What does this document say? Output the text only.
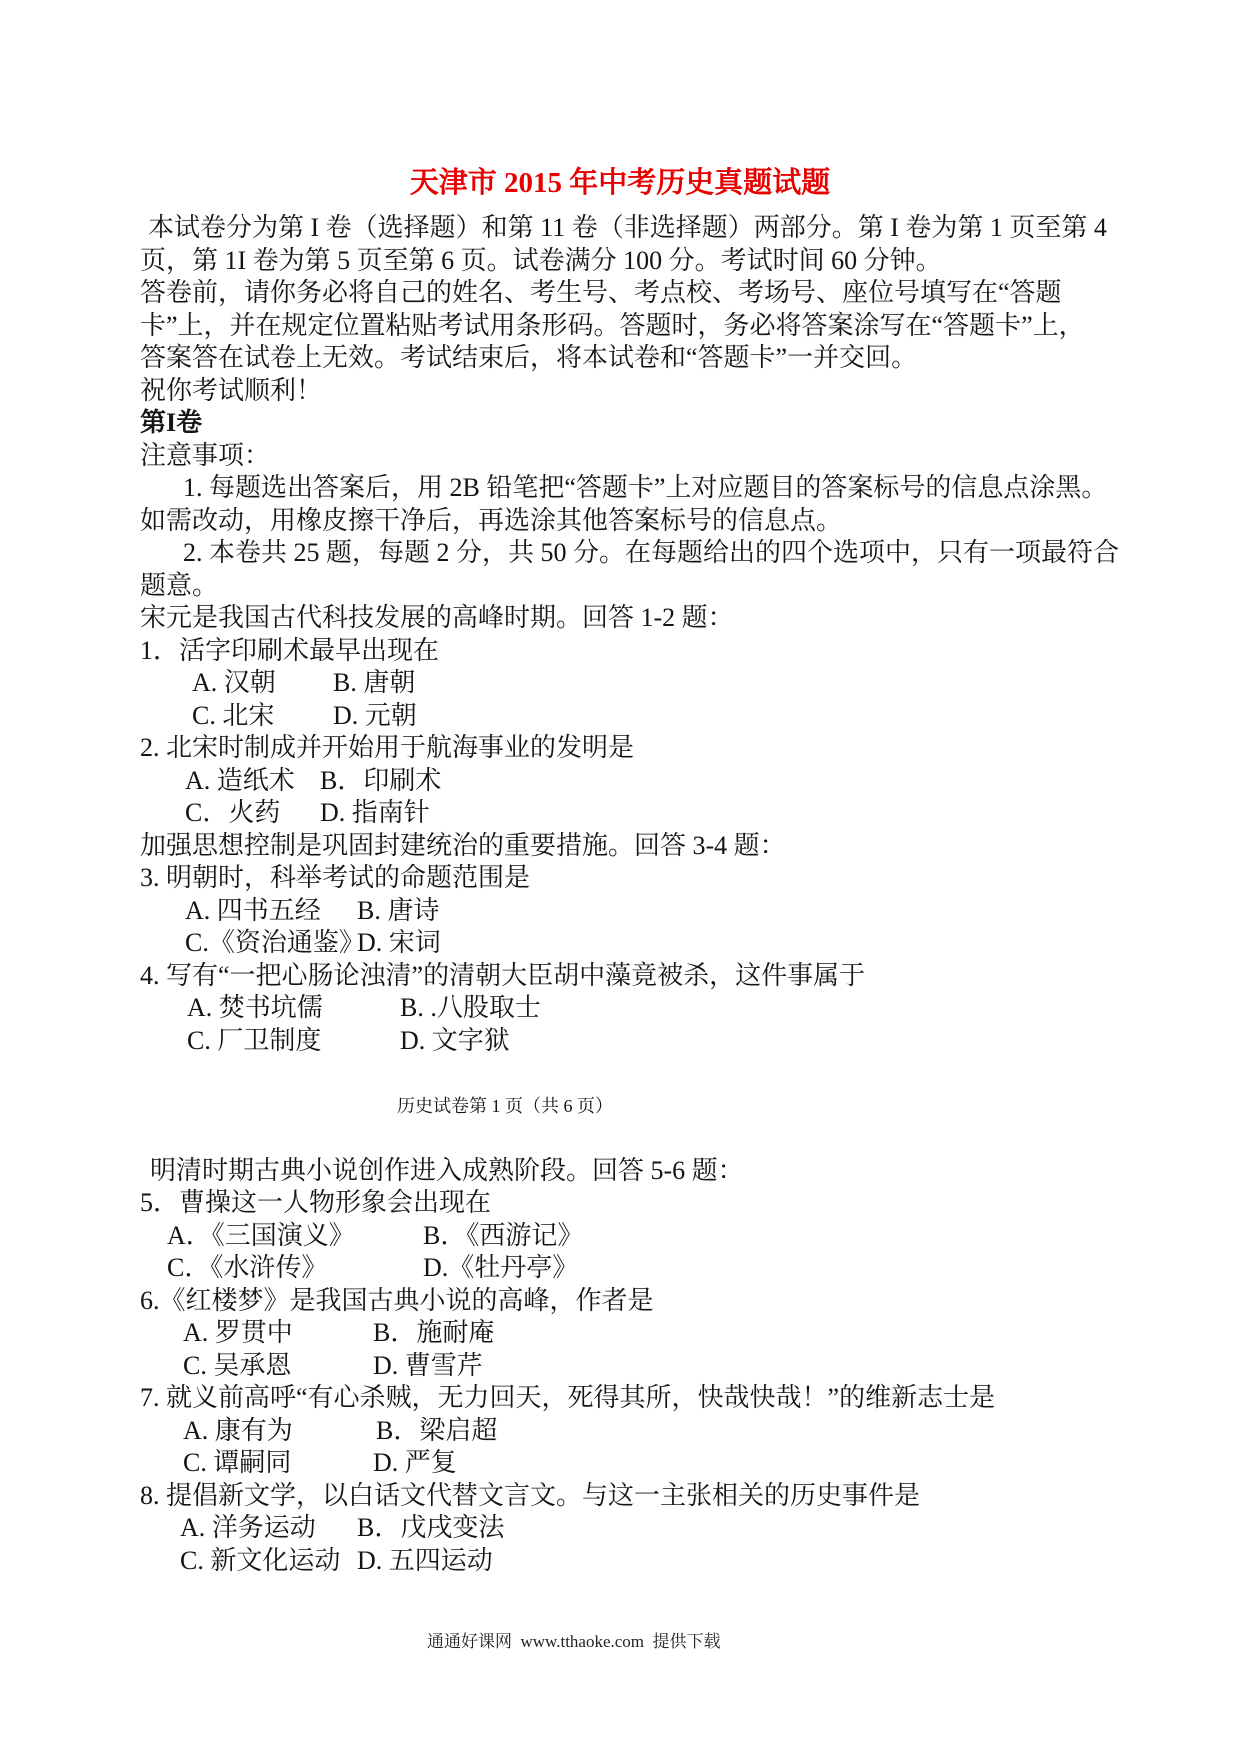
天津市 2015 年中考历史真题试题
本试卷分为第 I 卷（选择题）和第 11 卷（非选择题）两部分。第 I 卷为第 1 页至第 4
页，第 1I 卷为第 5 页至第 6 页。试卷满分 100 分。考试时间 60 分钟。
答卷前，请你务必将自己的姓名、考生号、考点校、考场号、座位号填写在“答题
卡”上，并在规定位置粘贴考试用条形码。答题时，务必将答案涂写在“答题卡”上，
答案答在试卷上无效。考试结束后，将本试卷和“答题卡”一并交回。
祝你考试顺利！
第I卷
注意事项：
1. 每题选出答案后，用 2B 铅笔把“答题卡”上对应题目的答案标号的信息点涂黑。
如需改动，用橡皮擦干净后，再选涂其他答案标号的信息点。
2. 本卷共 25 题，每题 2 分，共 50 分。在每题给出的四个选项中，只有一项最符合
题意。
宋元是我国古代科技发展的高峰时期。回答 1-2 题：
1．活字印刷术最早出现在
A. 汉朝 B. 唐朝
C. 北宋 D. 元朝
2. 北宋时制成并开始用于航海事业的发明是
A. 造纸术 B．印刷术
C．火药 D. 指南针
加强思想控制是巩固封建统治的重要措施。回答 3-4 题：
3. 明朝时，科举考试的命题范围是
A. 四书五经 B. 唐诗
C.《资治通鉴》D. 宋词
4. 写有“一把心肠论浊清”的清朝大臣胡中藻竟被杀，这件事属于
A. 焚书坑儒	B. .八股取士
C. 厂卫制度	D. 文字狱
历史试卷第 1 页（共 6 页）
明清时期古典小说创作进入成熟阶段。回答 5-6 题：
5．曹操这一人物形象会出现在
A．《三国演义》	B．《西游记》
C．《水浒传》	D.《牡丹亭》
6.《红楼梦》是我国古典小说的高峰，作者是
A. 罗贯中	B．施耐庵
C. 吴承恩	D. 曹雪芹
7. 就义前高呼“有心杀贼，无力回天，死得其所，快哉快哉！”的维新志士是
A. 康有为	B．梁启超
C. 谭嗣同	D. 严复
8. 提倡新文学，以白话文代替文言文。与这一主张相关的历史事件是
A. 洋务运动 B．戊戌变法
C. 新文化运动 D. 五四运动
通通好课网  www.tthaoke.com  提供下载
